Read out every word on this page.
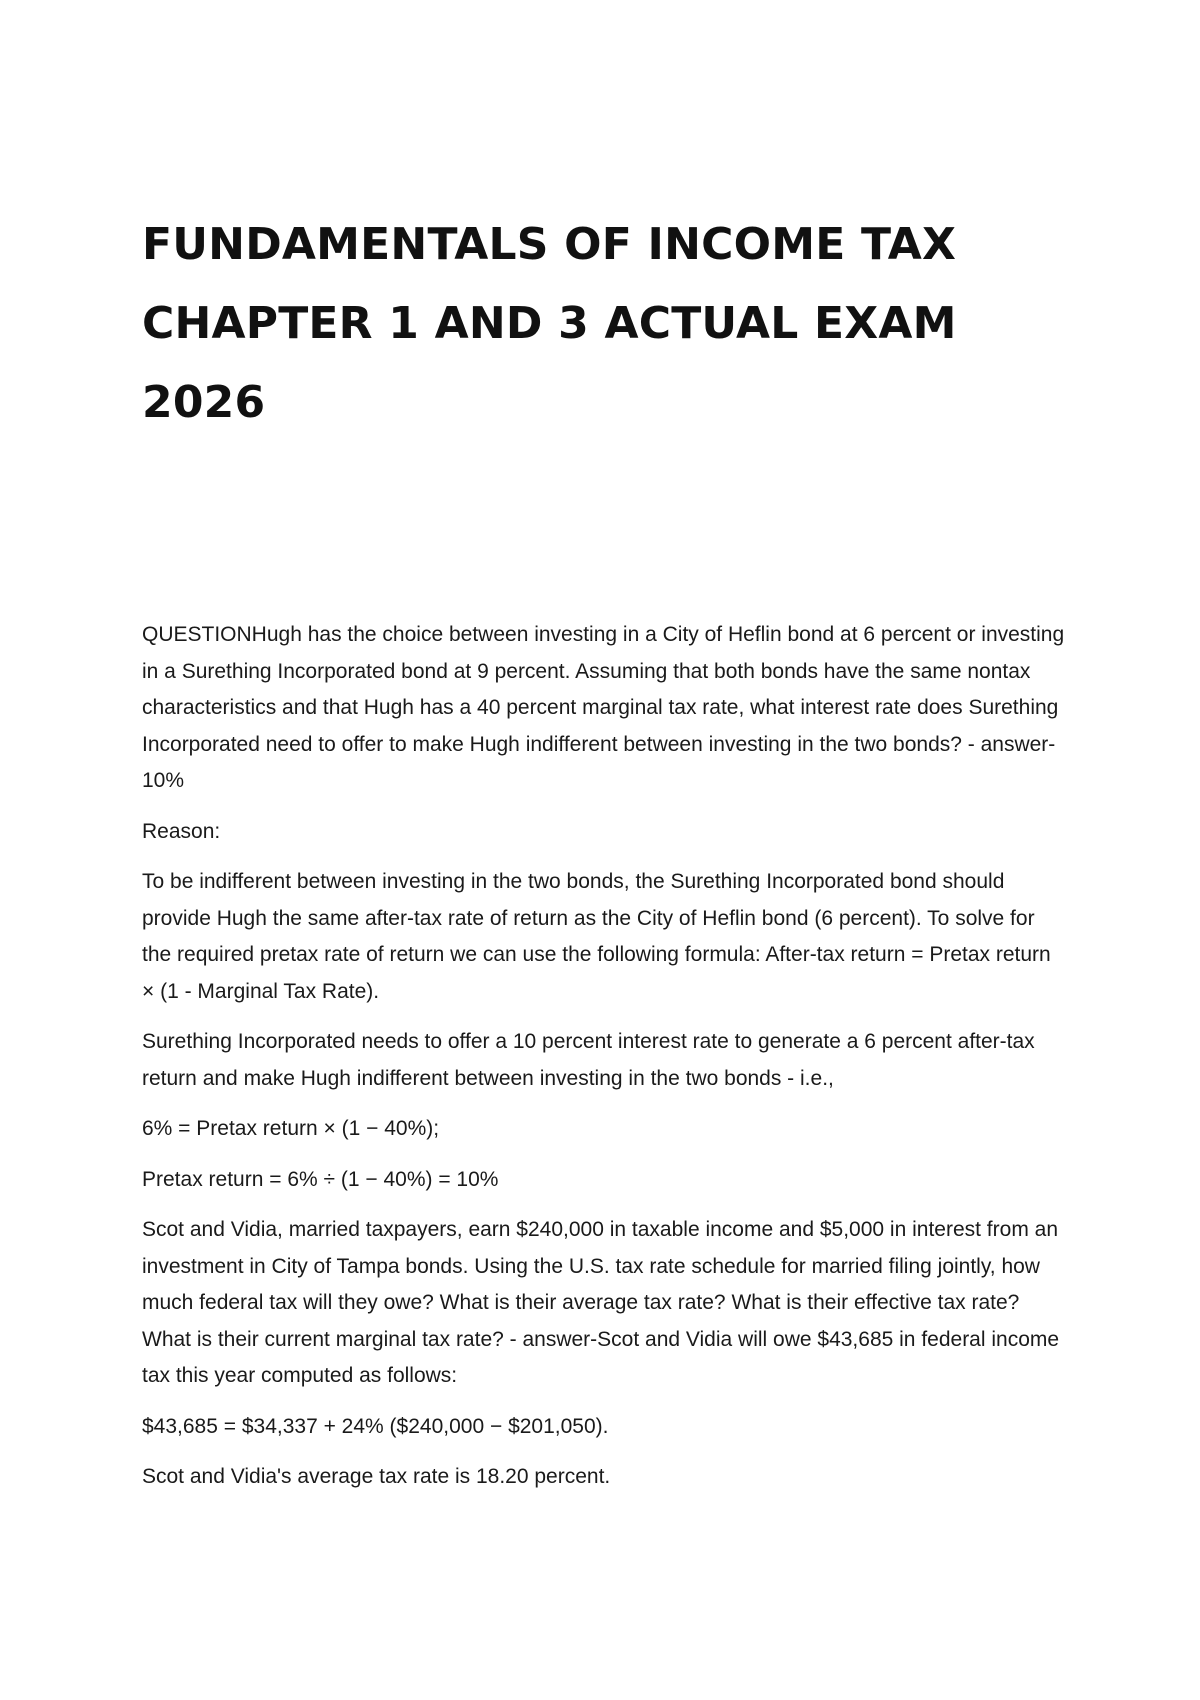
FUNDAMENTALS OF INCOME TAX
CHAPTER 1 AND 3 ACTUAL EXAM
2026

QUESTIONHugh has the choice between investing in a City of Heflin bond at 6 percent or investing in a Surething Incorporated bond at 9 percent. Assuming that both bonds have the same nontax characteristics and that Hugh has a 40 percent marginal tax rate, what interest rate does Surething Incorporated need to offer to make Hugh indifferent between investing in the two bonds? - answer-10%

Reason:

To be indifferent between investing in the two bonds, the Surething Incorporated bond should provide Hugh the same after-tax rate of return as the City of Heflin bond (6 percent). To solve for the required pretax rate of return we can use the following formula: After-tax return = Pretax return × (1 - Marginal Tax Rate).

Surething Incorporated needs to offer a 10 percent interest rate to generate a 6 percent after-tax return and make Hugh indifferent between investing in the two bonds - i.e.,

6% = Pretax return × (1 − 40%);

Pretax return = 6% ÷ (1 − 40%) = 10%

Scot and Vidia, married taxpayers, earn $240,000 in taxable income and $5,000 in interest from an investment in City of Tampa bonds. Using the U.S. tax rate schedule for married filing jointly, how much federal tax will they owe? What is their average tax rate? What is their effective tax rate? What is their current marginal tax rate? - answer-Scot and Vidia will owe $43,685 in federal income tax this year computed as follows:

$43,685 = $34,337 + 24% ($240,000 − $201,050).

Scot and Vidia's average tax rate is 18.20 percent.
